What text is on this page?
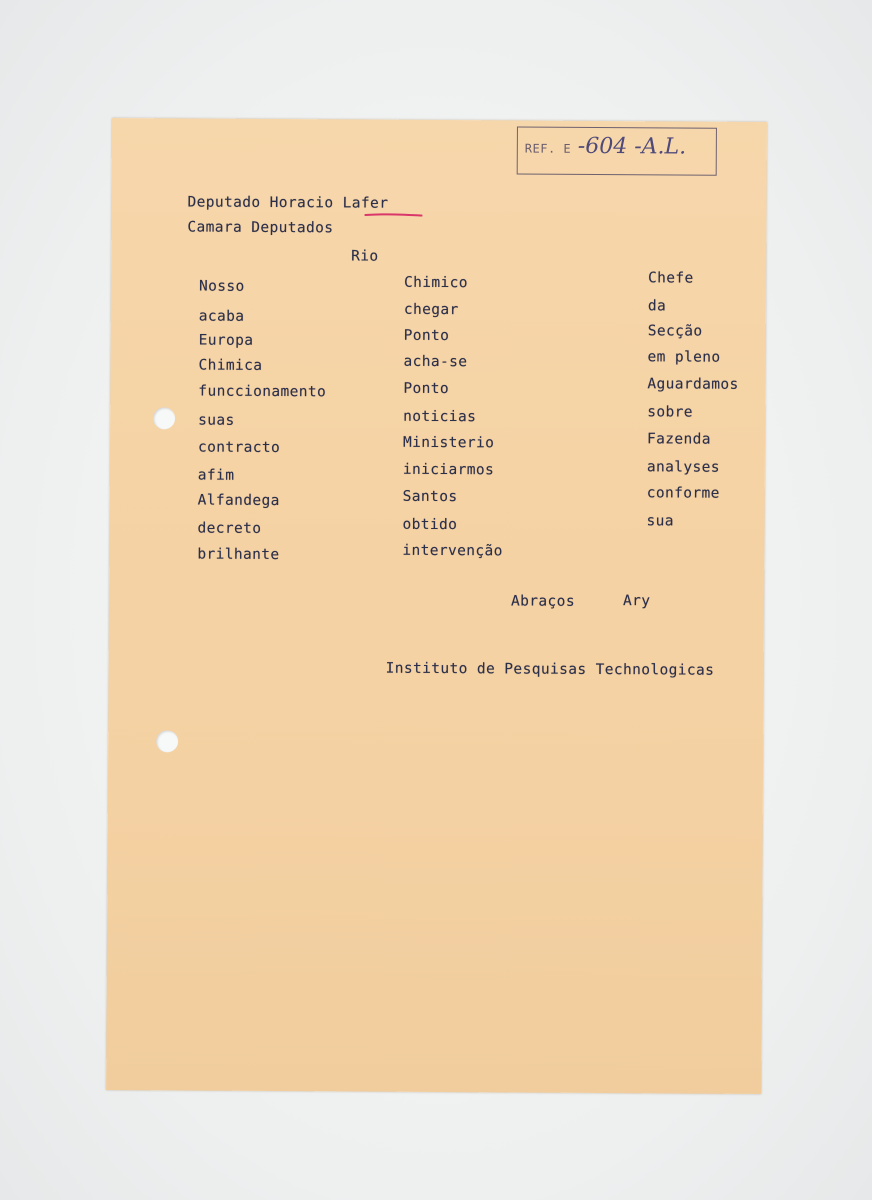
REF. E -604 -A.L.
Deputado Horacio Lafer
Camara Deputados
Rio
Nosso
acaba
Europa
Chimica
funccionamento
suas
contracto
afim
Alfandega
decreto
brilhante
Chimico
chegar
Ponto
acha-se
Ponto
noticias
Ministerio
iniciarmos
Santos
obtido
intervenção
Chefe
da
Secção
em pleno
Aguardamos
sobre
Fazenda
analyses
conforme
sua
Abraços	Ary
Instituto de Pesquisas Technologicas
